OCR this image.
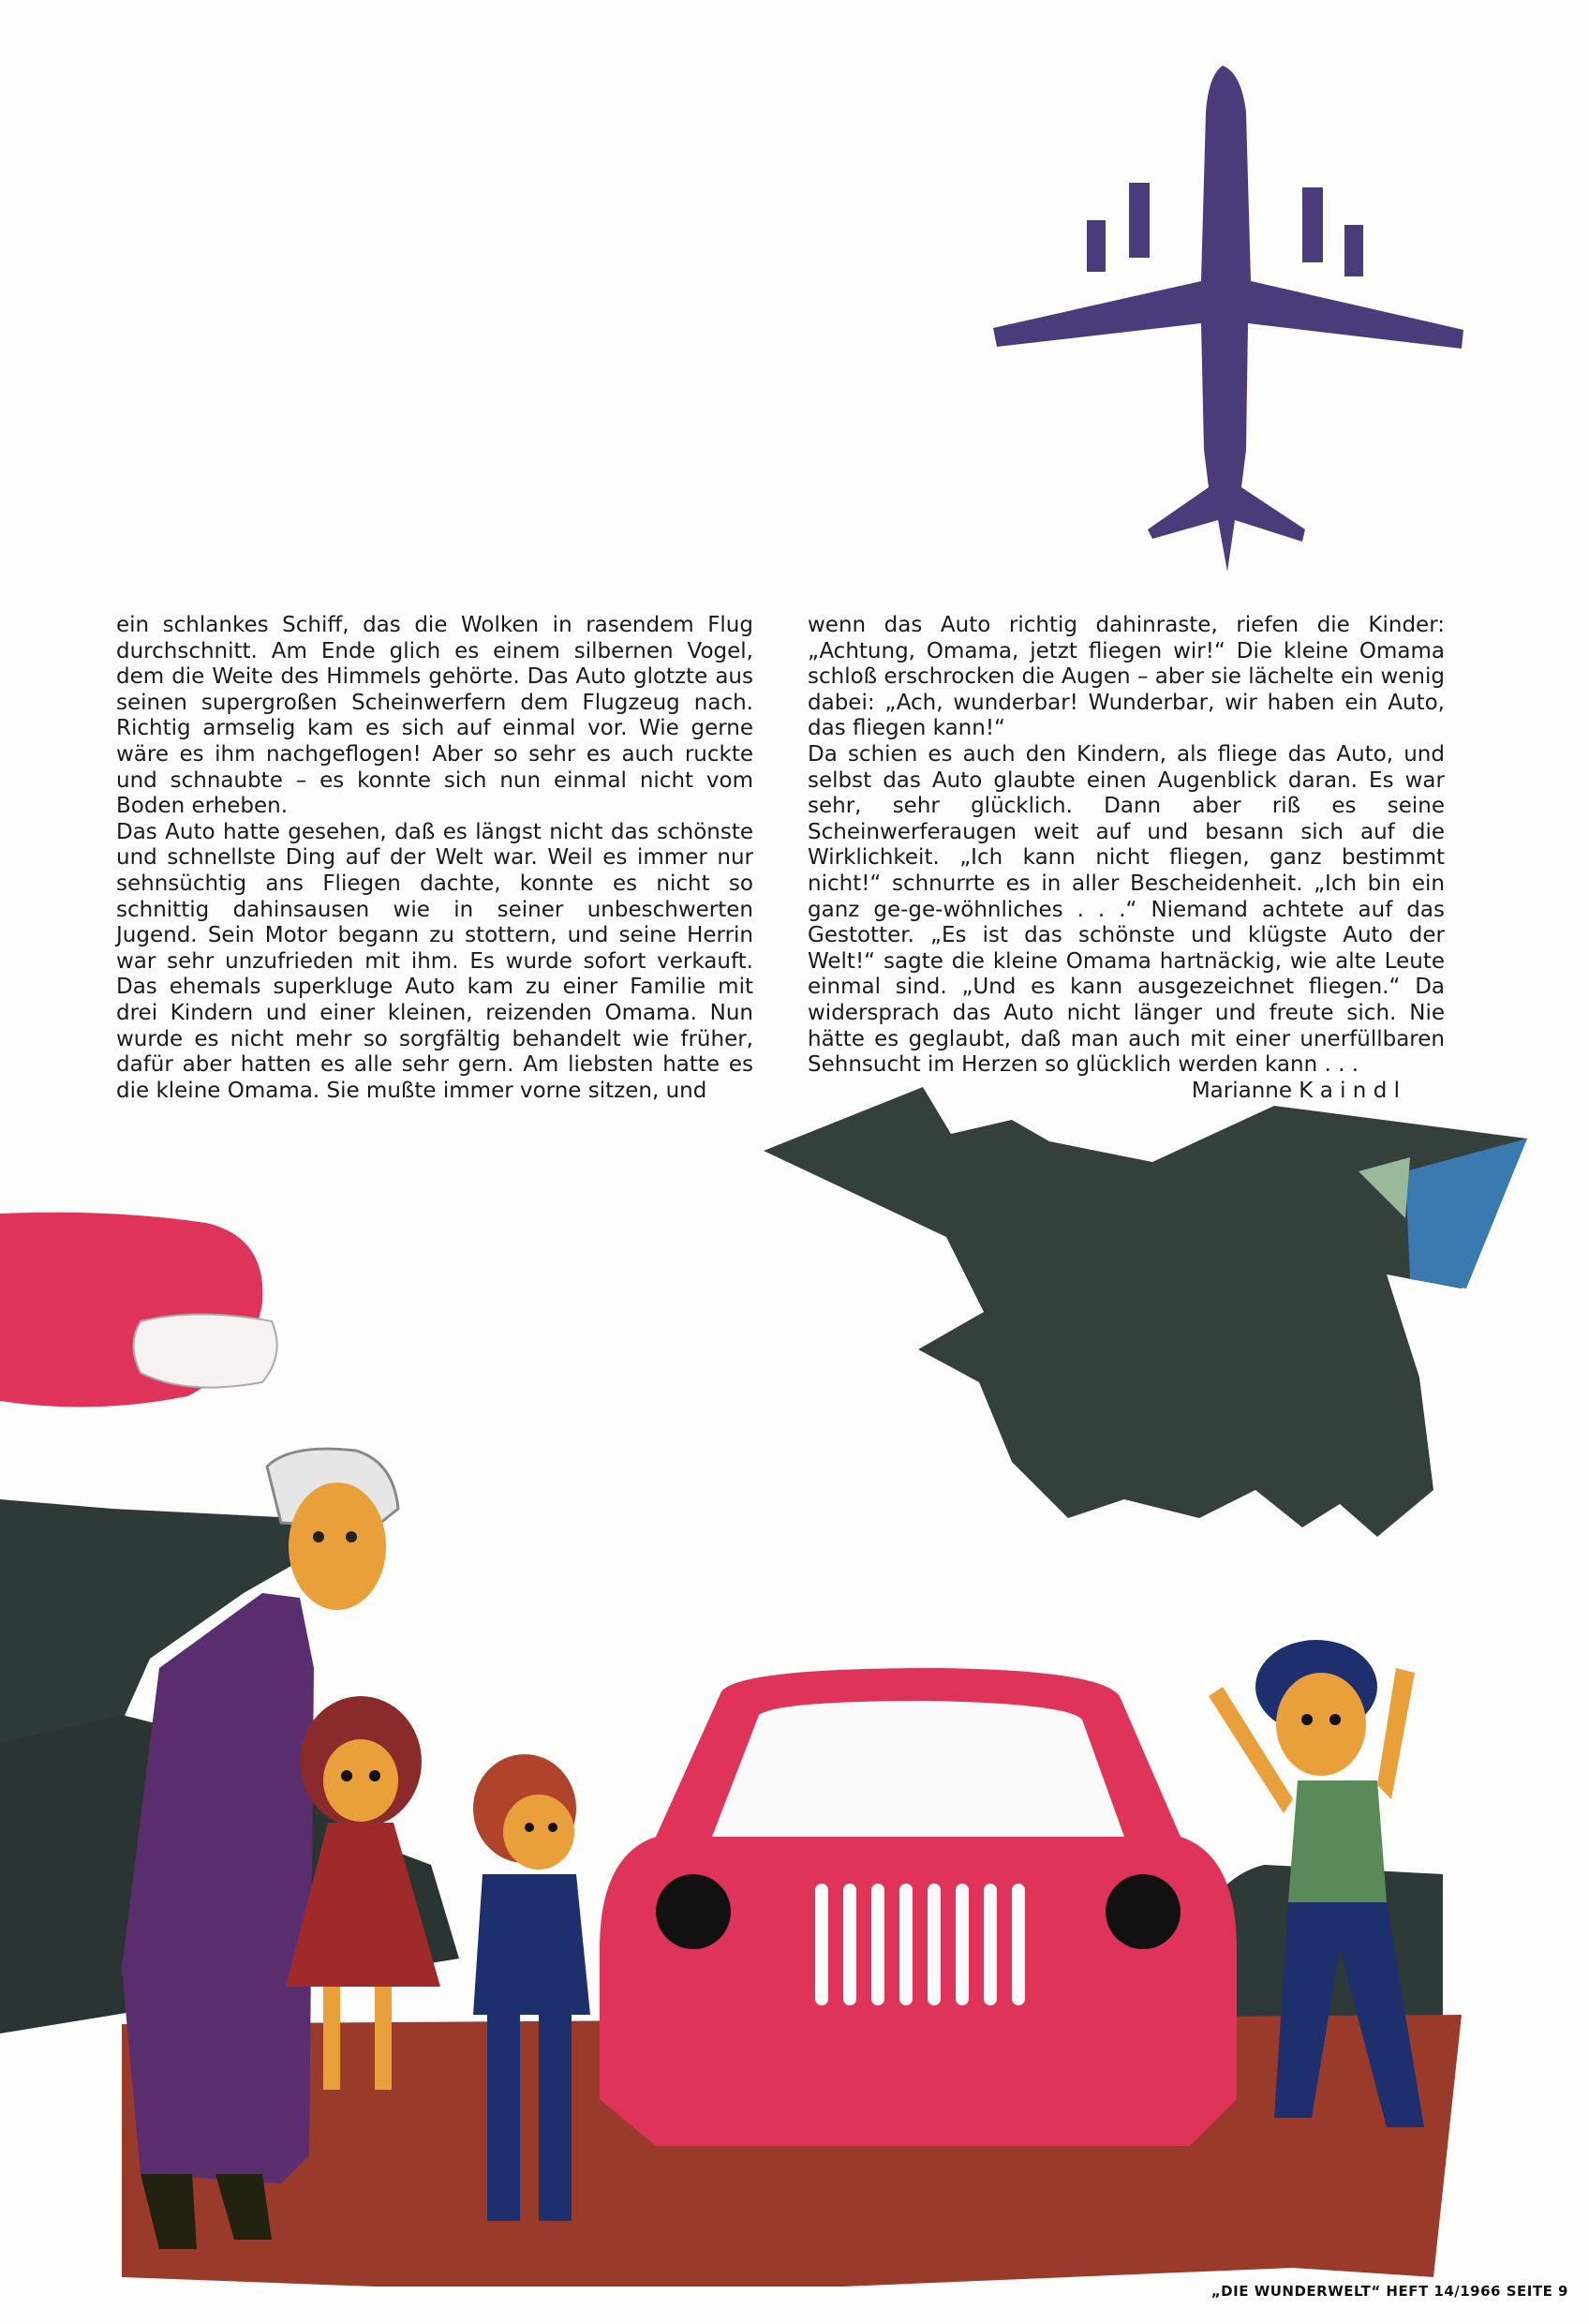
ein schlankes Schiff, das die Wolken in rasendem Flug durchschnitt. Am Ende glich es einem silbernen Vogel, dem die Weite des Himmels gehörte. Das Auto glotzte aus seinen supergroßen Scheinwerfern dem Flugzeug nach. Richtig armselig kam es sich auf einmal vor. Wie gerne wäre es ihm nachgeflogen! Aber so sehr es auch ruckte und schnaubte – es konnte sich nun einmal nicht vom Boden erheben.

Das Auto hatte gesehen, daß es längst nicht das schönste und schnellste Ding auf der Welt war. Weil es immer nur sehnsüchtig ans Fliegen dachte, konnte es nicht so schnittig dahinsausen wie in seiner unbeschwerten Jugend. Sein Motor begann zu stottern, und seine Herrin war sehr unzufrieden mit ihm. Es wurde sofort verkauft. Das ehemals superkluge Auto kam zu einer Familie mit drei Kindern und einer kleinen, reizenden Omama. Nun wurde es nicht mehr so sorgfältig behandelt wie früher, dafür aber hatten es alle sehr gern. Am liebsten hatte es die kleine Omama. Sie mußte immer vorne sitzen, und

wenn das Auto richtig dahinraste, riefen die Kinder: „Achtung, Omama, jetzt fliegen wir!“ Die kleine Omama schloß erschrocken die Augen – aber sie lächelte ein wenig dabei: „Ach, wunderbar! Wunderbar, wir haben ein Auto, das fliegen kann!“

Da schien es auch den Kindern, als fliege das Auto, und selbst das Auto glaubte einen Augenblick daran. Es war sehr, sehr glücklich. Dann aber riß es seine Scheinwerferaugen weit auf und besann sich auf die Wirklichkeit. „Ich kann nicht fliegen, ganz bestimmt nicht!“ schnurrte es in aller Bescheidenheit. „Ich bin ein ganz ge-ge-wöhnliches . . .“ Niemand achtete auf das Gestotter. „Es ist das schönste und klügste Auto der Welt!“ sagte die kleine Omama hartnäckig, wie alte Leute einmal sind. „Und es kann ausgezeichnet fliegen.“ Da widersprach das Auto nicht länger und freute sich. Nie hätte es geglaubt, daß man auch mit einer unerfüllbaren Sehnsucht im Herzen so glücklich werden kann . . .

Marianne K a i n d l

„DIE WUNDERWELT“ HEFT 14/1966 SEITE 9
